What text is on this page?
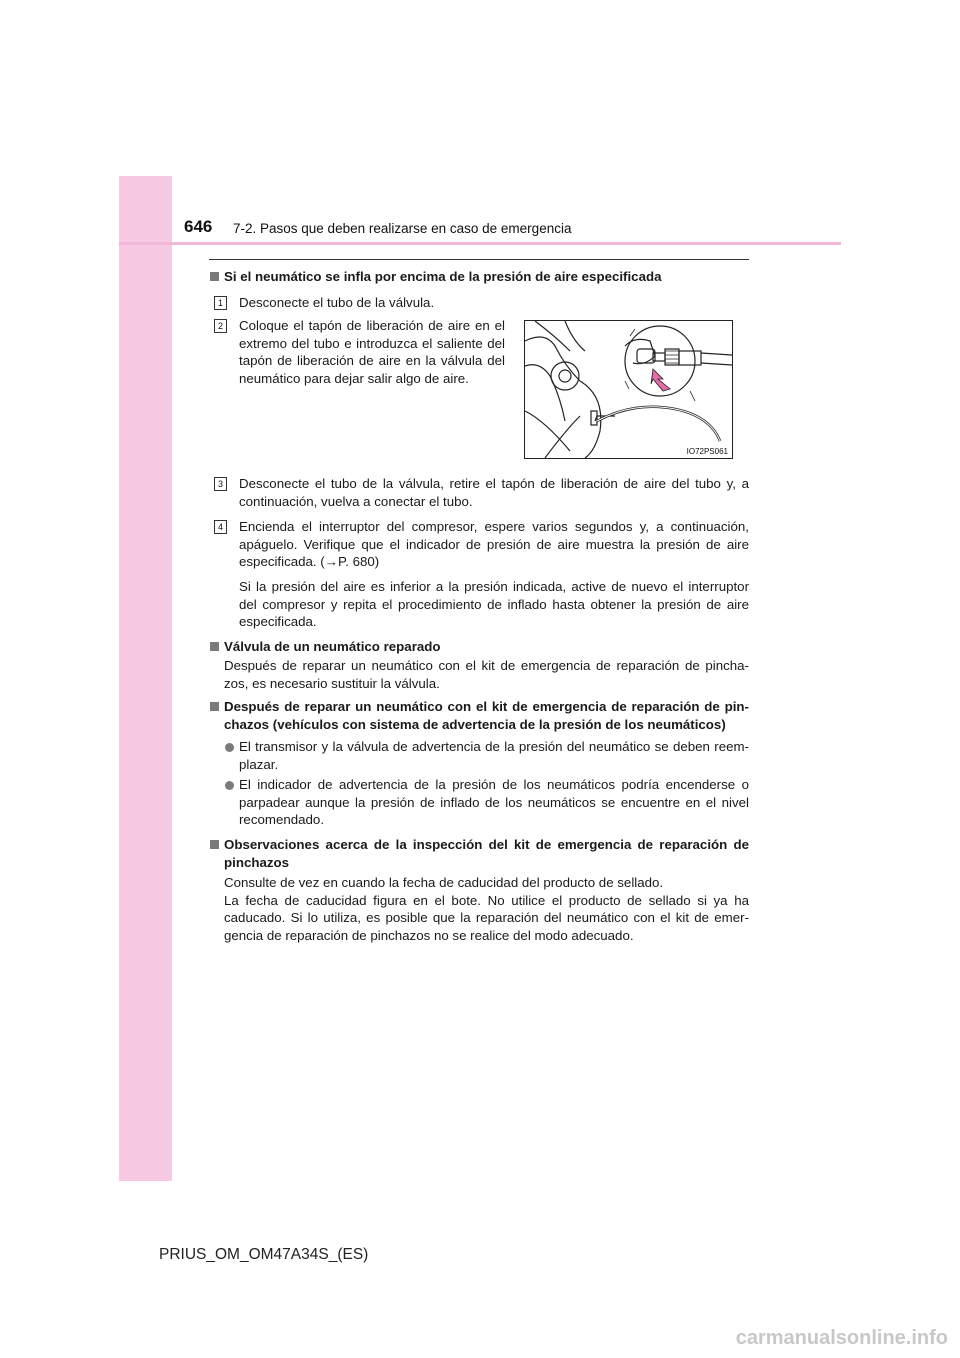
646 7-2. Pasos que deben realizarse en caso de emergencia
Si el neumático se infla por encima de la presión de aire especificada
1	Desconecte el tubo de la válvula.
2	Coloque el tapón de liberación de aire en el
extremo del tubo e introduzca el saliente del
tapón de liberación de aire en la válvula del
neumático para dejar salir algo de aire.
IO72PS061
3	Desconecte el tubo de la válvula, retire el tapón de liberación de aire del tubo y, a
continuación, vuelva a conectar el tubo.
4	Encienda el interruptor del compresor, espere varios segundos y, a continuación,
apáguelo. Verifique que el indicador de presión de aire muestra la presión de aire
especificada. (→P. 680)
Si la presión del aire es inferior a la presión indicada, active de nuevo el interruptor
del compresor y repita el procedimiento de inflado hasta obtener la presión de aire
especificada.
Válvula de un neumático reparado
Después de reparar un neumático con el kit de emergencia de reparación de pincha-
zos, es necesario sustituir la válvula.
Después de reparar un neumático con el kit de emergencia de reparación de pin-
chazos (vehículos con sistema de advertencia de la presión de los neumáticos)
El transmisor y la válvula de advertencia de la presión del neumático se deben reem-
plazar.
El indicador de advertencia de la presión de los neumáticos podría encenderse o
parpadear aunque la presión de inflado de los neumáticos se encuentre en el nivel
recomendado.
Observaciones acerca de la inspección del kit de emergencia de reparación de
pinchazos
Consulte de vez en cuando la fecha de caducidad del producto de sellado.
La fecha de caducidad figura en el bote. No utilice el producto de sellado si ya ha
caducado. Si lo utiliza, es posible que la reparación del neumático con el kit de emer-
gencia de reparación de pinchazos no se realice del modo adecuado.
PRIUS_OM_OM47A34S_(ES)
carmanualsonline.info
